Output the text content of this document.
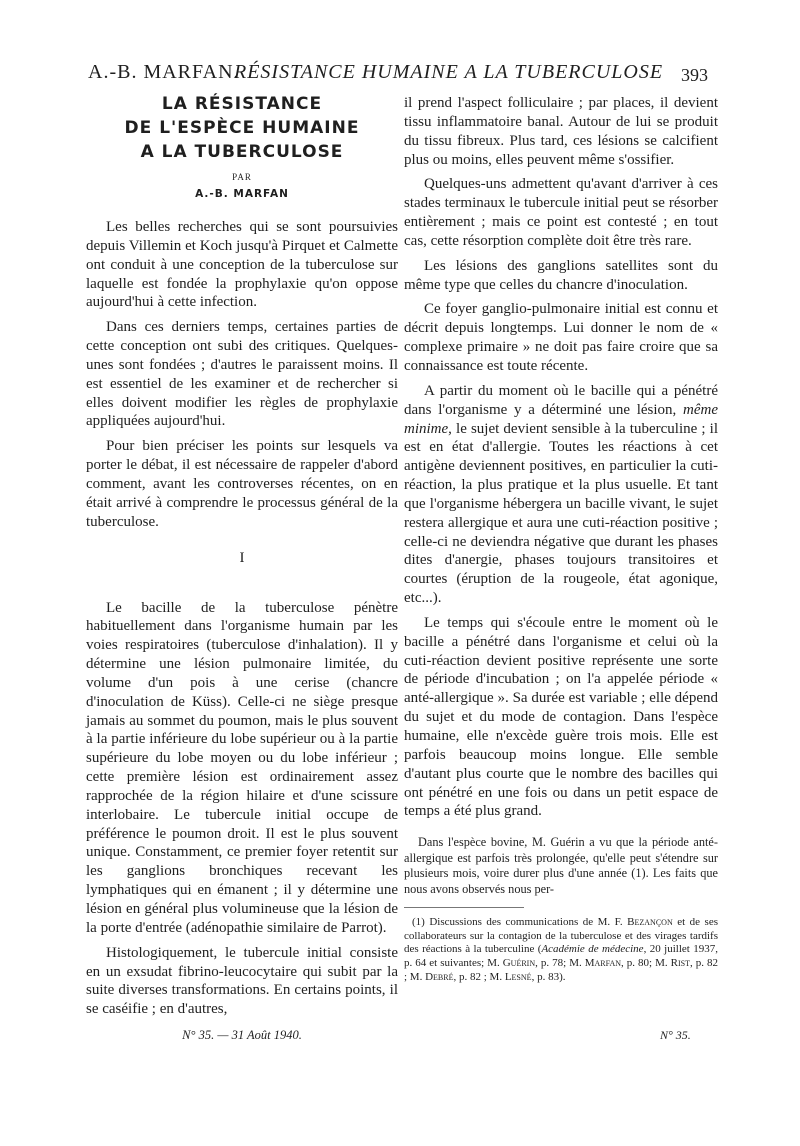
A.-B. MARFAN.
RÉSISTANCE HUMAINE A LA TUBERCULOSE 393
LA RÉSISTANCE
DE L'ESPÈCE HUMAINE
A LA TUBERCULOSE
PAR
A.-B. MARFAN

Les belles recherches qui se sont poursuivies depuis Villemin et Koch jusqu'à Pirquet et Calmette ont conduit à une conception de la tuberculose sur laquelle est fondée la prophylaxie qu'on oppose aujourd'hui à cette infection.

Dans ces derniers temps, certaines parties de cette conception ont subi des critiques. Quelques-unes sont fondées ; d'autres le paraissent moins. Il est essentiel de les examiner et de rechercher si elles doivent modifier les règles de prophylaxie appliquées aujourd'hui.

Pour bien préciser les points sur lesquels va porter le débat, il est nécessaire de rappeler d'abord comment, avant les controverses récentes, on en était arrivé à comprendre le processus général de la tuberculose.

I

Le bacille de la tuberculose pénètre habituellement dans l'organisme humain par les voies respiratoires (tuberculose d'inhalation). Il y détermine une lésion pulmonaire limitée, du volume d'un pois à une cerise (chancre d'inoculation de Küss). Celle-ci ne siège presque jamais au sommet du poumon, mais le plus souvent à la partie inférieure du lobe supérieur ou à la partie supérieure du lobe moyen ou du lobe inférieur ; cette première lésion est ordinairement assez rapprochée de la région hilaire et d'une scissure interlobaire. Le tubercule initial occupe de préférence le poumon droit. Il est le plus souvent unique. Constamment, ce premier foyer retentit sur les ganglions bronchiques recevant les lymphatiques qui en émanent ; il y détermine une lésion en général plus volumineuse que la lésion de la porte d'entrée (adénopathie similaire de Parrot).

Histologiquement, le tubercule initial consiste en un exsudat fibrino-leucocytaire qui subit par la suite diverses transformations. En certains points, il se caséifie ; en d'autres,

N° 35. — 31 Août 1940.

il prend l'aspect folliculaire ; par places, il devient tissu inflammatoire banal. Autour de lui se produit du tissu fibreux. Plus tard, ces lésions se calcifient plus ou moins, elles peuvent même s'ossifier.

Quelques-uns admettent qu'avant d'arriver à ces stades terminaux le tubercule initial peut se résorber entièrement ; mais ce point est contesté ; en tout cas, cette résorption complète doit être très rare.

Les lésions des ganglions satellites sont du même type que celles du chancre d'inoculation.

Ce foyer ganglio-pulmonaire initial est connu et décrit depuis longtemps. Lui donner le nom de « complexe primaire » ne doit pas faire croire que sa connaissance est toute récente.

A partir du moment où le bacille qui a pénétré dans l'organisme y a déterminé une lésion, même minime, le sujet devient sensible à la tuberculine ; il est en état d'allergie. Toutes les réactions à cet antigène deviennent positives, en particulier la cuti-réaction, la plus pratique et la plus usuelle. Et tant que l'organisme hébergera un bacille vivant, le sujet restera allergique et aura une cuti-réaction positive ; celle-ci ne deviendra négative que durant les phases dites d'anergie, phases toujours transitoires et courtes (éruption de la rougeole, état agonique, etc...).

Le temps qui s'écoule entre le moment où le bacille a pénétré dans l'organisme et celui où la cuti-réaction devient positive représente une sorte de période d'incubation ; on l'a appelée période « anté-allergique ». Sa durée est variable ; elle dépend du sujet et du mode de contagion. Dans l'espèce humaine, elle n'excède guère trois mois. Elle est parfois beaucoup moins longue. Elle semble d'autant plus courte que le nombre des bacilles qui ont pénétré en une fois ou dans un petit espace de temps a été plus grand.

Dans l'espèce bovine, M. Guérin a vu que la période anté-allergique est parfois très prolongée, qu'elle peut s'étendre sur plusieurs mois, voire durer plus d'une année (1). Les faits que nous avons observés nous per-

(1) Discussions des communications de M. F. Bezançon et de ses collaborateurs sur la contagion de la tuberculose et des virages tardifs des réactions à la tuberculine (Académie de médecine, 20 juillet 1937, p. 64 et suivantes; M. Guérin, p. 78; M. Marfan, p. 80; M. Rist, p. 82 ; M. Debré, p. 82 ; M. Lesné, p. 83).

N° 35.
